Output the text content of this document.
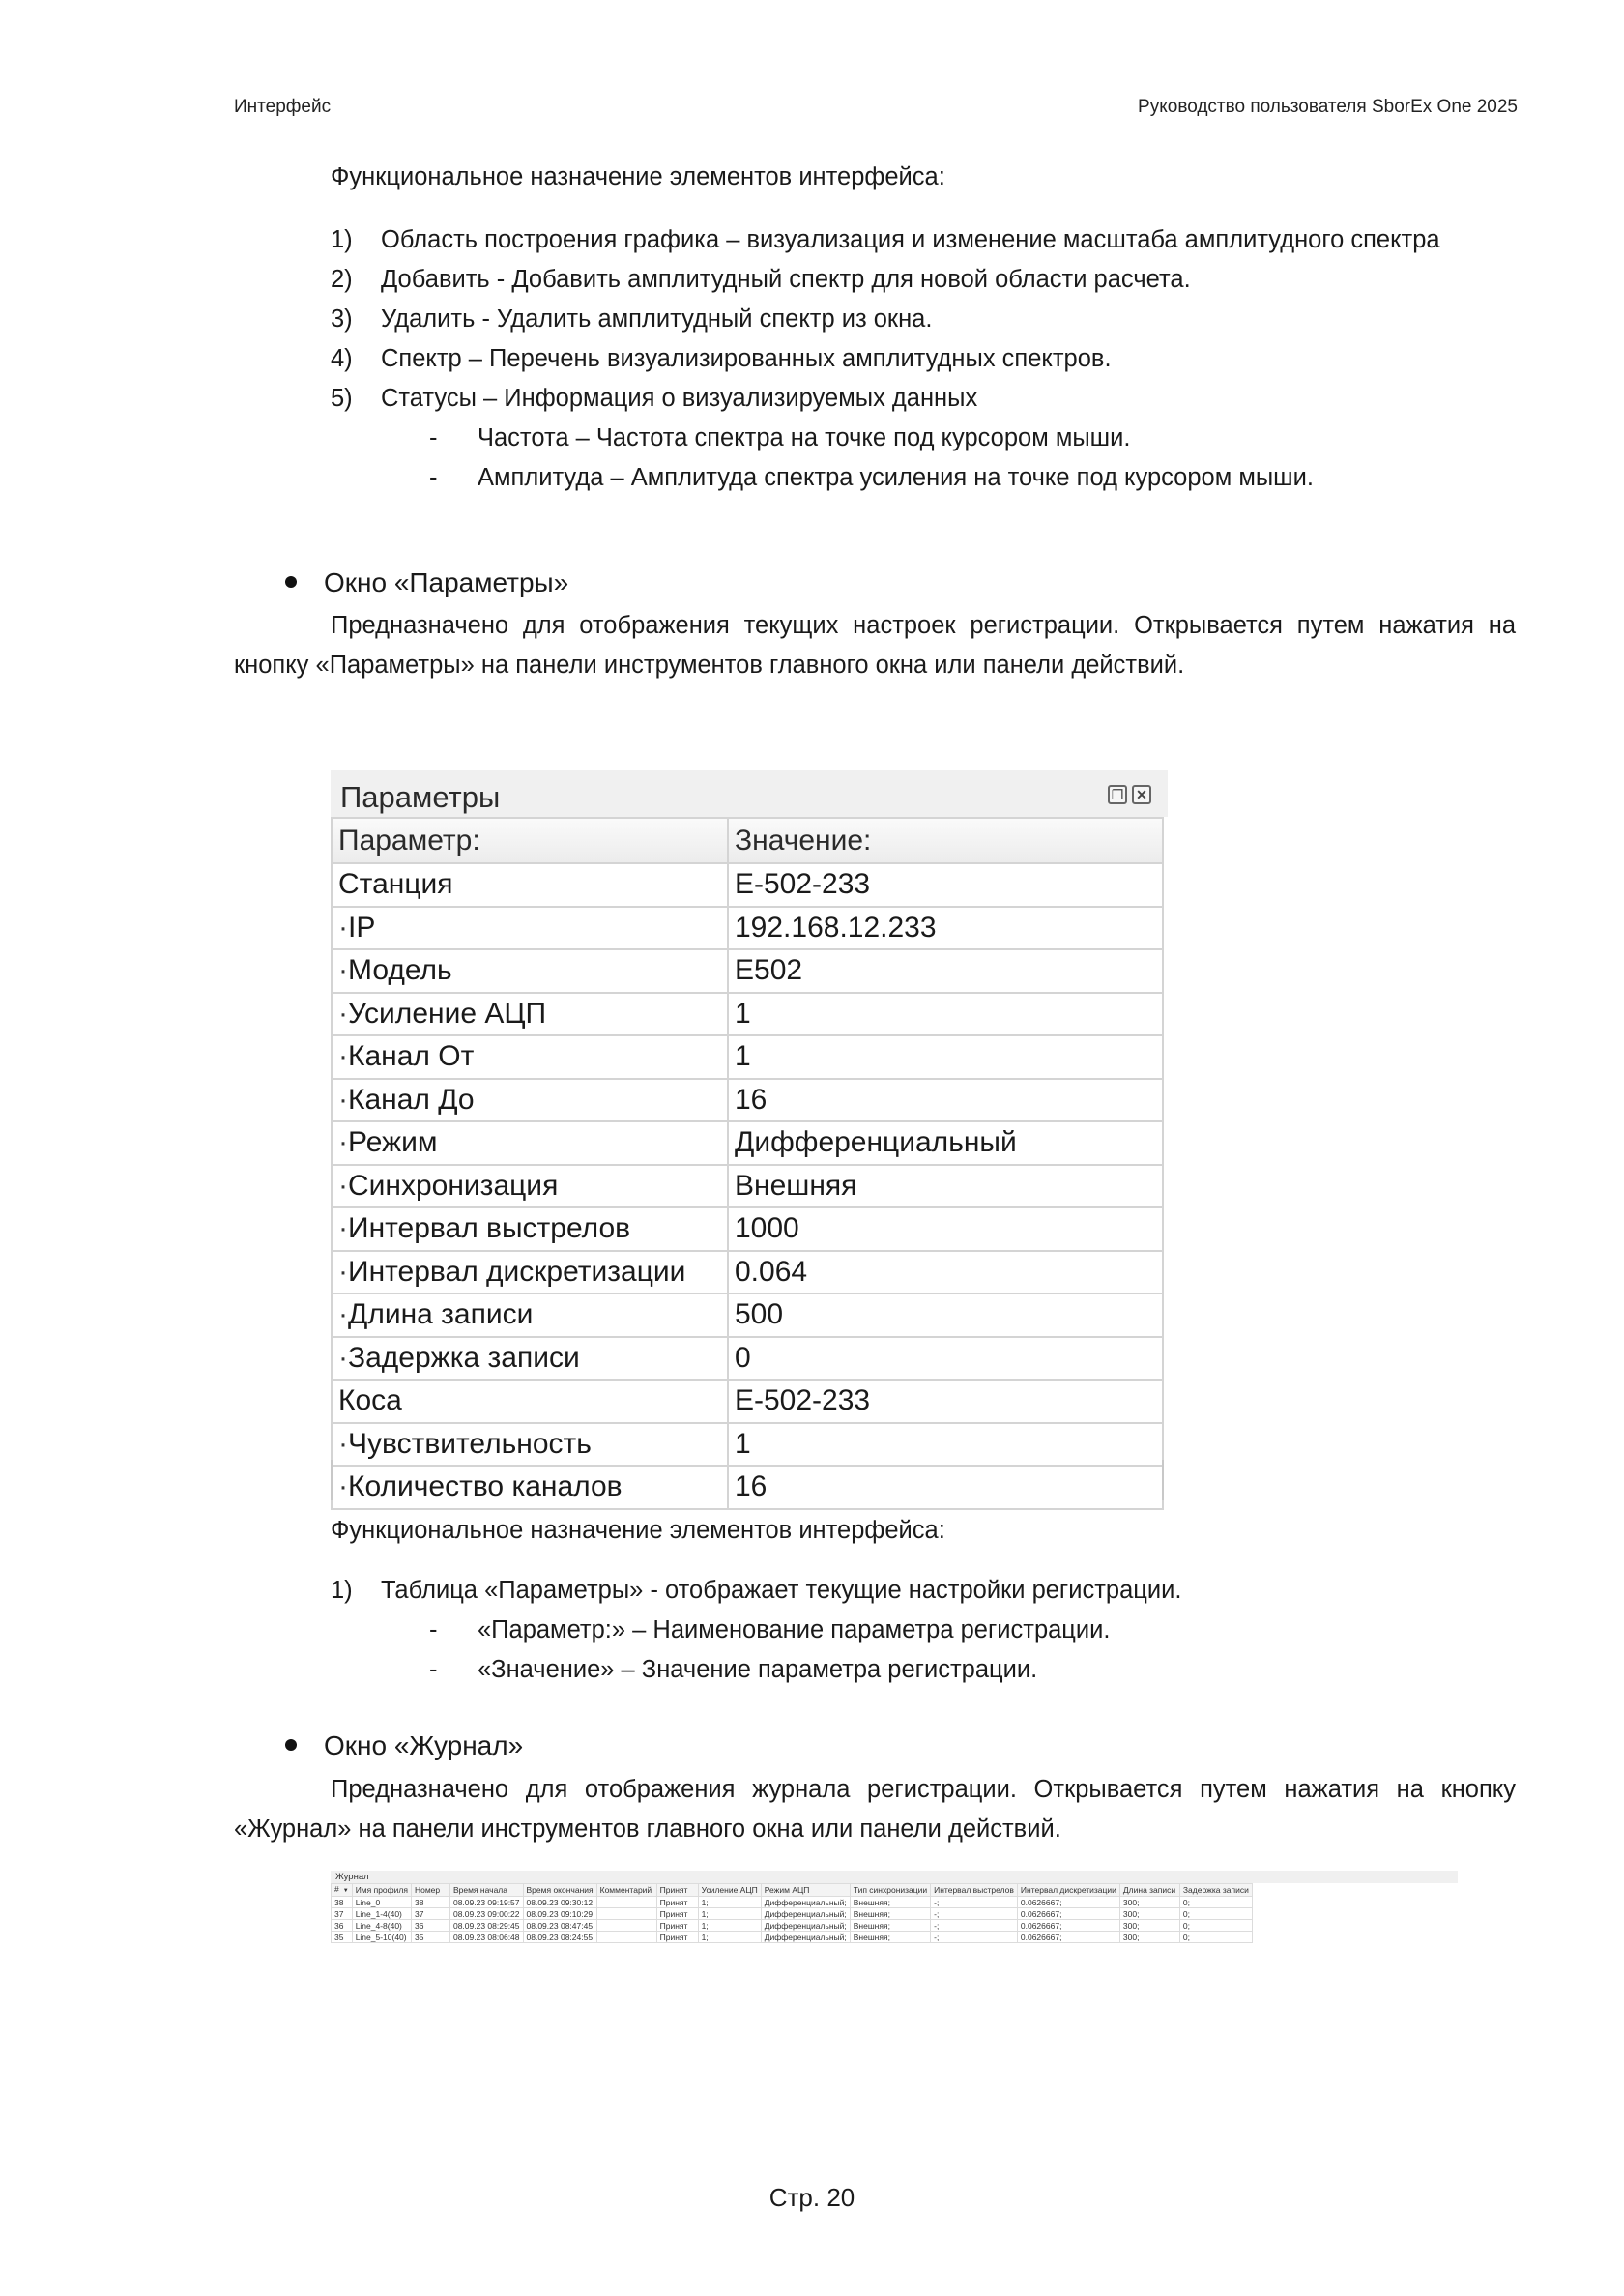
Интерфейс	Руководство пользователя SborEx One 2025
Функциональное назначение элементов интерфейса:
1) Область построения графика – визуализация и изменение масштаба амплитудного спектра
2) Добавить - Добавить амплитудный спектр для новой области расчета.
3) Удалить - Удалить амплитудный спектр из окна.
4) Спектр – Перечень визуализированных амплитудных спектров.
5) Статусы – Информация о визуализируемых данных
- Частота – Частота спектра на точке под курсором мыши.
- Амплитуда – Амплитуда спектра усиления на точке под курсором мыши.
Окно «Параметры»
Предназначено для отображения текущих настроек регистрации. Открывается путем нажатия на кнопку «Параметры» на панели инструментов главного окна или панели действий.
Параметры	❐ ✕
Параметр:	Значение:
Станция	E-502-233
· IP	192.168.12.233
· Модель	E502
· Усиление АЦП	1
· Канал От	1
· Канал До	16
· Режим	Дифференциальный
· Синхронизация	Внешняя
· Интервал выстрелов	1000
· Интервал дискретизации	0.064
· Длина записи	500
· Задержка записи	0
Коса	E-502-233
· Чувствительность	1
· Количество каналов	16
Функциональное назначение элементов интерфейса:
1) Таблица «Параметры» - отображает текущие настройки регистрации.
- «Параметр:» – Наименование параметра регистрации.
- «Значение» – Значение параметра регистрации.
Окно «Журнал»
Предназначено для отображения журнала регистрации. Открывается путем нажатия на кнопку «Журнал» на панели инструментов главного окна или панели действий.
Журнал
# ▼	Имя профиля	Номер	Время начала	Время окончания	Комментарий	Принят	Усиление АЦП	Режим АЦП	Тип синхронизации	Интервал выстрелов	Интервал дискретизации	Длина записи	Задержка записи
38	Line_0	38	08.09.23 09:19:57	08.09.23 09:30:12		Принят	1;	Дифференциальный;	Внешняя;	-;	0.0626667;	300;	0;
37	Line_1-4(40)	37	08.09.23 09:00:22	08.09.23 09:10:29		Принят	1;	Дифференциальный;	Внешняя;	-;	0.0626667;	300;	0;
36	Line_4-8(40)	36	08.09.23 08:29:45	08.09.23 08:47:45		Принят	1;	Дифференциальный;	Внешняя;	-;	0.0626667;	300;	0;
35	Line_5-10(40)	35	08.09.23 08:06:48	08.09.23 08:24:55		Принят	1;	Дифференциальный;	Внешняя;	-;	0.0626667;	300;	0;
Стр. 20
